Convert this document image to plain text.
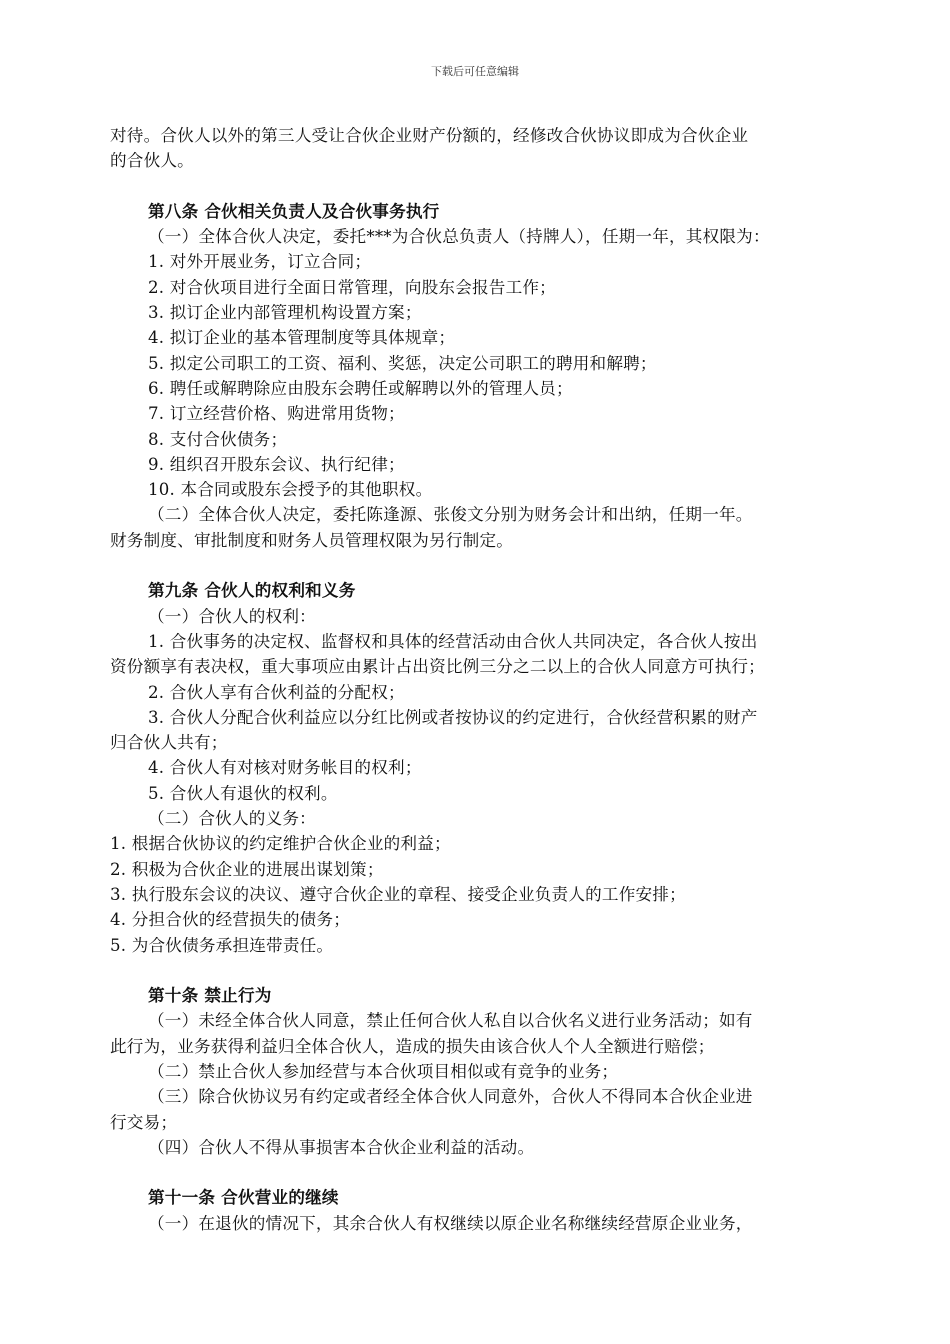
下载后可任意编辑
对待。合伙人以外的第三人受让合伙企业财产份额的，经修改合伙协议即成为合伙企业
的合伙人。
第八条 合伙相关负责人及合伙事务执行
（一）全体合伙人决定，委托***为合伙总负责人（持牌人），任期一年，其权限为：
1. 对外开展业务，订立合同；
2. 对合伙项目进行全面日常管理，向股东会报告工作；
3. 拟订企业内部管理机构设置方案；
4. 拟订企业的基本管理制度等具体规章；
5. 拟定公司职工的工资、福利、奖惩，决定公司职工的聘用和解聘；
6. 聘任或解聘除应由股东会聘任或解聘以外的管理人员；
7. 订立经营价格、购进常用货物；
8. 支付合伙债务；
9. 组织召开股东会议、执行纪律；
10. 本合同或股东会授予的其他职权。
（二）全体合伙人决定，委托陈逢源、张俊文分别为财务会计和出纳，任期一年。
财务制度、审批制度和财务人员管理权限为另行制定。
第九条 合伙人的权利和义务
（一）合伙人的权利：
1. 合伙事务的决定权、监督权和具体的经营活动由合伙人共同决定，各合伙人按出
资份额享有表决权，重大事项应由累计占出资比例三分之二以上的合伙人同意方可执行；
2. 合伙人享有合伙利益的分配权；
3. 合伙人分配合伙利益应以分红比例或者按协议的约定进行，合伙经营积累的财产
归合伙人共有；
4. 合伙人有对核对财务帐目的权利；
5. 合伙人有退伙的权利。
（二）合伙人的义务：
1. 根据合伙协议的约定维护合伙企业的利益；
2. 积极为合伙企业的进展出谋划策；
3. 执行股东会议的决议、遵守合伙企业的章程、接受企业负责人的工作安排；
4. 分担合伙的经营损失的债务；
5. 为合伙债务承担连带责任。
第十条 禁止行为
（一）未经全体合伙人同意，禁止任何合伙人私自以合伙名义进行业务活动；如有
此行为，业务获得利益归全体合伙人，造成的损失由该合伙人个人全额进行赔偿；
（二）禁止合伙人参加经营与本合伙项目相似或有竞争的业务；
（三）除合伙协议另有约定或者经全体合伙人同意外，合伙人不得同本合伙企业进
行交易；
（四）合伙人不得从事损害本合伙企业利益的活动。
第十一条 合伙营业的继续
（一）在退伙的情况下，其余合伙人有权继续以原企业名称继续经营原企业业务，
